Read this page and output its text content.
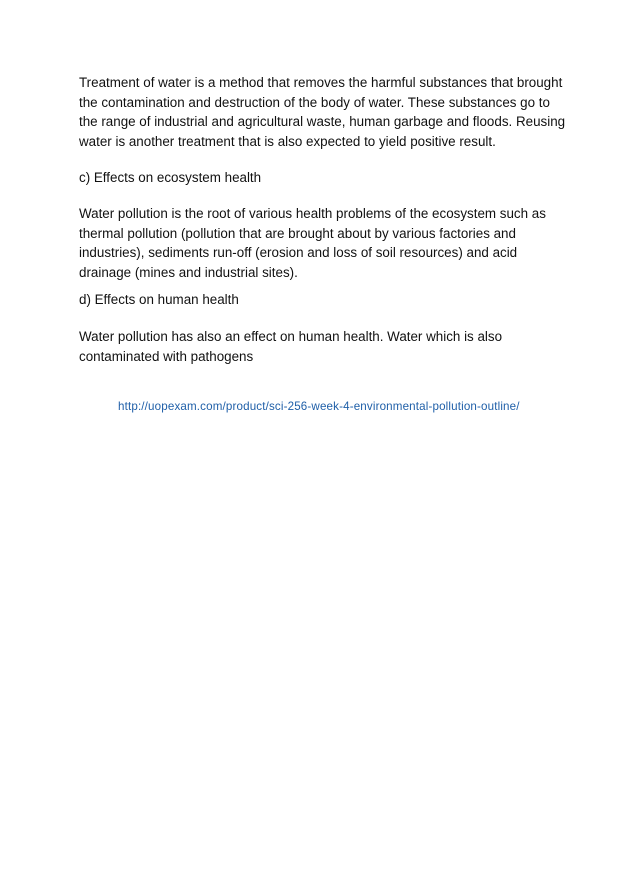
Treatment of water is a method that removes the harmful substances that brought the contamination and destruction of the body of water. These substances go to the range of industrial and agricultural waste, human garbage and floods. Reusing water is another treatment that is also expected to yield positive result.

c) Effects on ecosystem health

Water pollution is the root of various health problems of the ecosystem such as thermal pollution (pollution that are brought about by various factories and industries), sediments run-off (erosion and loss of soil resources) and acid drainage (mines and industrial sites).

d) Effects on human health

Water pollution has also an effect on human health. Water which is also contaminated with pathogens

http://uopexam.com/product/sci-256-week-4-environmental-pollution-outline/
